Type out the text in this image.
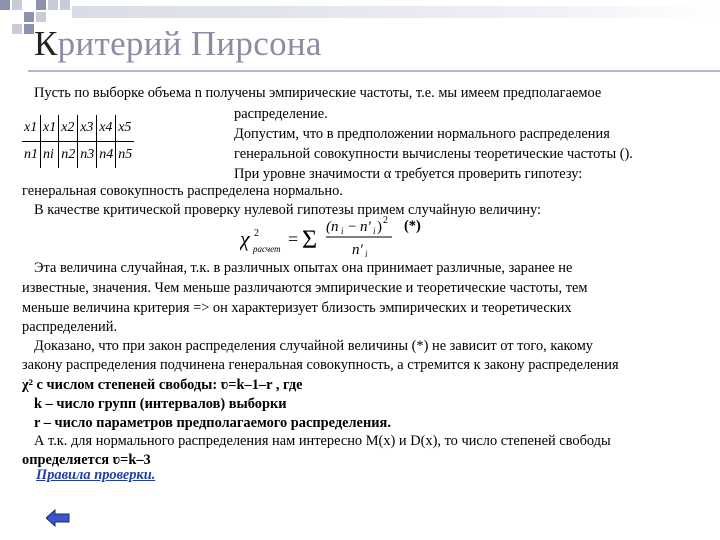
Критерий Пирсона

Пусть по выборке объема n получены эмпирические частоты, т.е. мы имеем предполагаемое

распределение.

Допустим, что в предположении нормального распределения

генеральной совокупности вычислены теоретические частоты ().

При уровне значимости α требуется проверить гипотезу:

генеральная совокупность распределена нормально.

x1	x1	x2	x3	x4	x5
n1	ni	n2	n3	n4	n5

В качестве критической проверку нулевой гипотезы примем случайную величину:

χ 2
расчет = Σ (n i − n' i ) 2
n' i
(*)

Эта величина случайная, т.к. в различных опытах она принимает различные, заранее не

известные, значения. Чем меньше различаются эмпирические и теоретические частоты, тем

меньше величина критерия => он характеризует близость эмпирических и теоретических

распределений.

Доказано, что при закон распределения случайной величины (*) не зависит от того, какому

закону распределения подчинена генеральная совокупность, а стремится к закону распределения

χ² с числом степеней свободы: ʋ=k–1–r , где

k – число групп (интервалов) выборки

r – число параметров предполагаемого распределения.

А т.к. для нормального распределения нам интересно M(x) и D(x), то число степеней свободы

определяется ʋ=k–3

Правила проверки.
